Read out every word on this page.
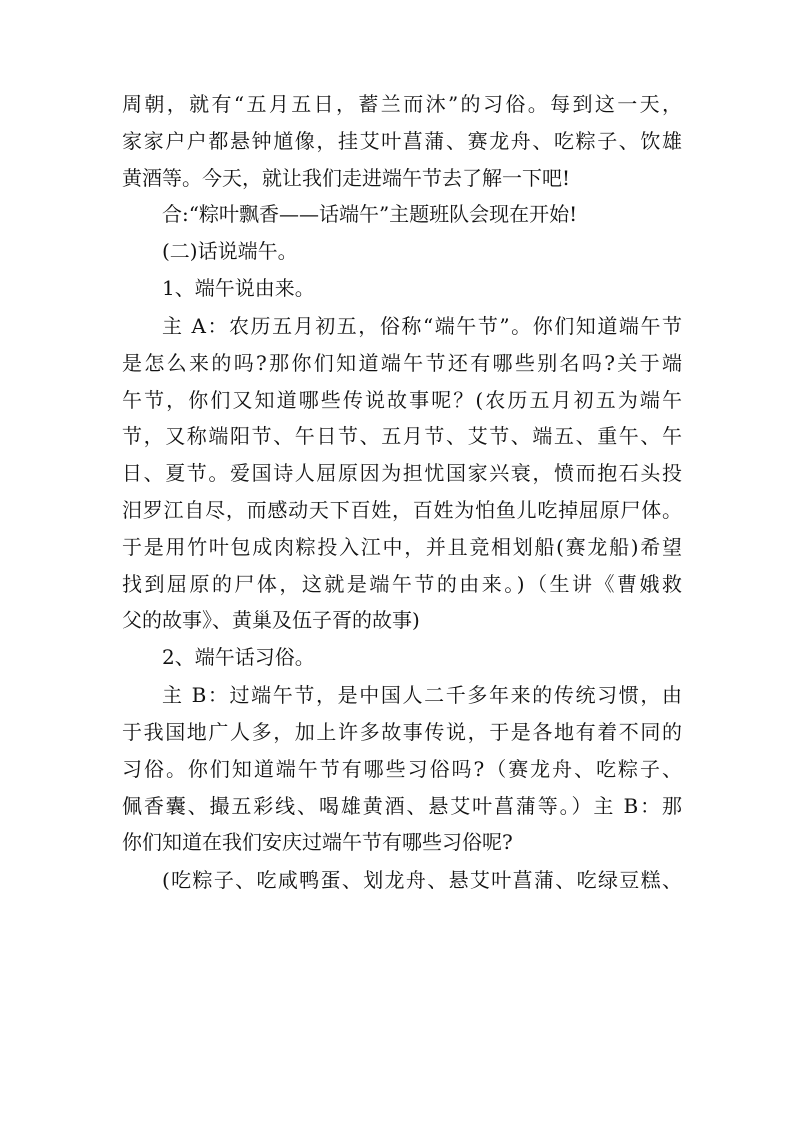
周朝，就有“五月五日，蓄兰而沐”的习俗。每到这一天，
家家户户都悬钟馗像，挂艾叶菖蒲、赛龙舟、吃粽子、饮雄
黄酒等。今天，就让我们走进端午节去了解一下吧!
合:“粽叶飘香——话端午”主题班队会现在开始!
(二)话说端午。
1、端午说由来。
主 A：农历五月初五，俗称“端午节”。你们知道端午节
是怎么来的吗?那你们知道端午节还有哪些别名吗?关于端
午节，你们又知道哪些传说故事呢？(农历五月初五为端午
节，又称端阳节、午日节、五月节、艾节、端五、重午、午
日、夏节。爱国诗人屈原因为担忧国家兴衰，愤而抱石头投
汨罗江自尽，而感动天下百姓，百姓为怕鱼儿吃掉屈原尸体。
于是用竹叶包成肉粽投入江中，并且竞相划船(赛龙船)希望
找到屈原的尸体，这就是端午节的由来。)（生讲《曹娥救
父的故事》、黄巢及伍子胥的故事)
2、端午话习俗。
主 B：过端午节，是中国人二千多年来的传统习惯，由
于我国地广人多，加上许多故事传说，于是各地有着不同的
习俗。你们知道端午节有哪些习俗吗?（赛龙舟、吃粽子、
佩香囊、撮五彩线、喝雄黄酒、悬艾叶菖蒲等。）主 B：那
你们知道在我们安庆过端午节有哪些习俗呢?
(吃粽子、吃咸鸭蛋、划龙舟、悬艾叶菖蒲、吃绿豆糕、
